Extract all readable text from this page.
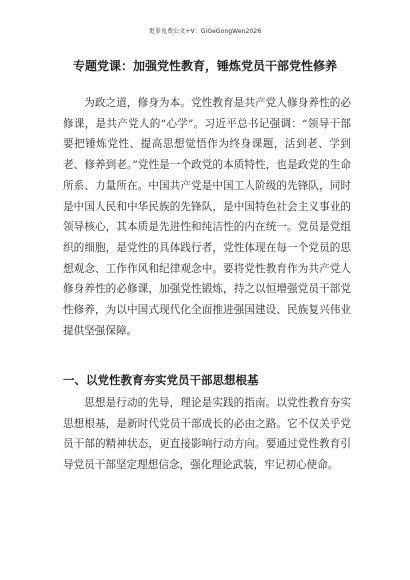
更多免费公文+V：GiGeGongWen2026
专题党课：加强党性教育，锤炼党员干部党性修养
为政之道，修身为本。党性教育是共产党人修身养性的必修课，是共产党人的“心学”。习近平总书记强调：“领导干部要把锤炼党性、提高思想觉悟作为终身课题，活到老、学到老、修养到老。”党性是一个政党的本质特性，也是政党的生命所系、力量所在。中国共产党是中国工人阶级的先锋队，同时是中国人民和中华民族的先锋队，是中国特色社会主义事业的领导核心，其本质是先进性和纯洁性的内在统一。党员是党组织的细胞，是党性的具体践行者，党性体现在每一个党员的思想观念、工作作风和纪律观念中。要将党性教育作为共产党人修身养性的必修课，加强党性锻炼，持之以恒增强党员干部党性修养，为以中国式现代化全面推进强国建设、民族复兴伟业提供坚强保障。
一、以党性教育夯实党员干部思想根基
思想是行动的先导，理论是实践的指南。以党性教育夯实思想根基，是新时代党员干部成长的必由之路。它不仅关乎党员干部的精神状态，更直接影响行动方向。要通过党性教育引导党员干部坚定理想信念，强化理论武装，牢记初心使命。
